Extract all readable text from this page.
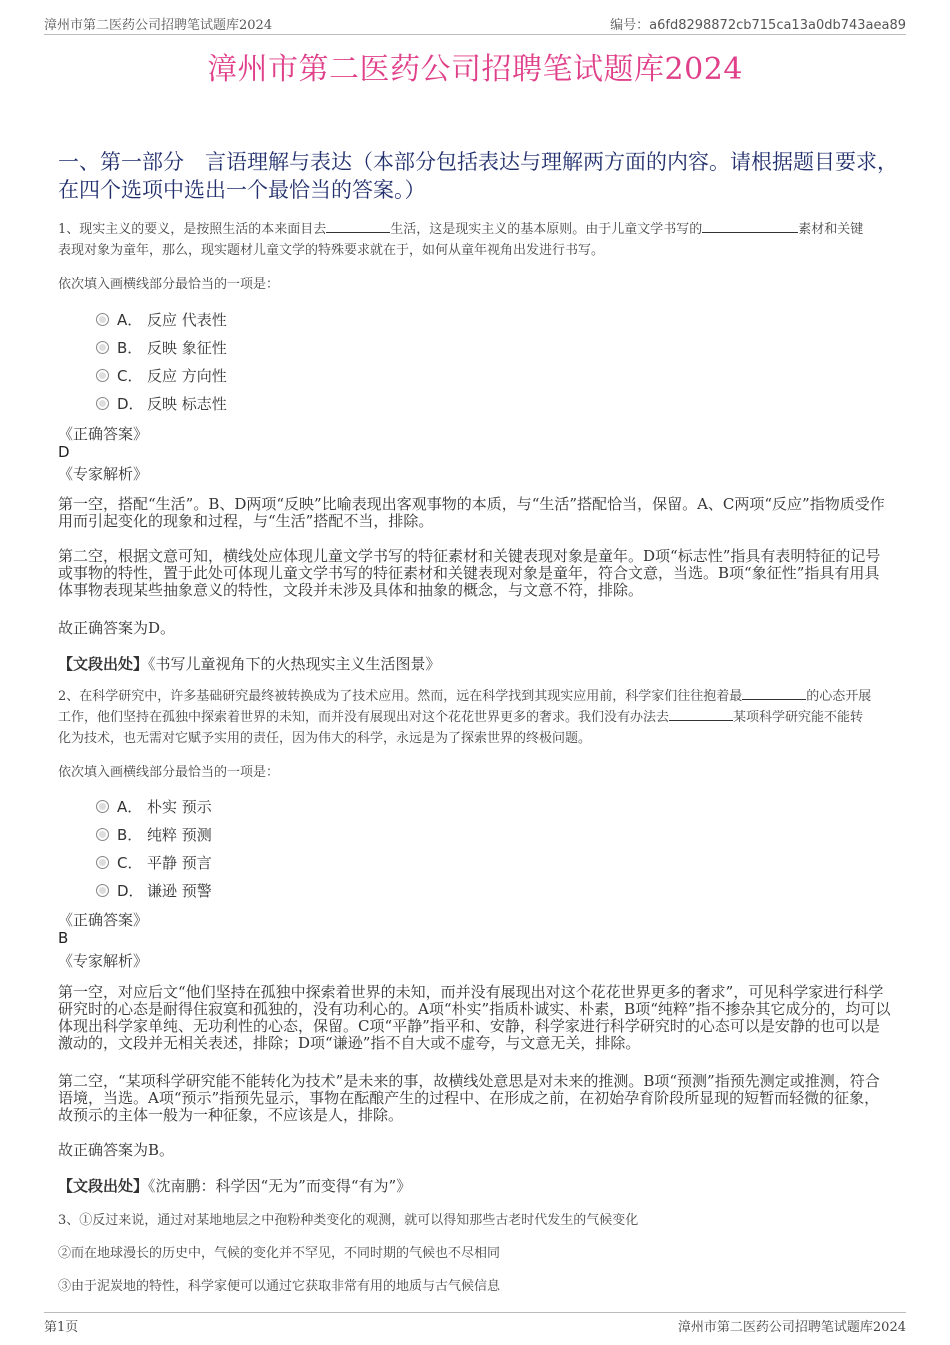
漳州市第二医药公司招聘笔试题库2024	编号：a6fd8298872cb715ca13a0db743aea89
漳州市第二医药公司招聘笔试题库2024
一、第一部分　言语理解与表达（本部分包括表达与理解两方面的内容。请根据题目要求，在四个选项中选出一个最恰当的答案。）
1、现实主义的要义，是按照生活的本来面目去	生活，这是现实主义的基本原则。由于儿童文学书写的	素材和关键
表现对象为童年，那么，现实题材儿童文学的特殊要求就在于，如何从童年视角出发进行书写。
依次填入画横线部分最恰当的一项是：
A． 反应 代表性
B． 反映 象征性
C． 反应 方向性
D． 反映 标志性
《正确答案》
D
《专家解析》
第一空，搭配“生活”。B、D两项“反映”比喻表现出客观事物的本质，与“生活”搭配恰当，保留。A、C两项“反应”指物质受作用而引起变化的现象和过程，与“生活”搭配不当，排除。
第二空，根据文意可知，横线处应体现儿童文学书写的特征素材和关键表现对象是童年。D项“标志性”指具有表明特征的记号或事物的特性，置于此处可体现儿童文学书写的特征素材和关键表现对象是童年，符合文意，当选。B项“象征性”指具有用具体事物表现某些抽象意义的特性，文段并未涉及具体和抽象的概念，与文意不符，排除。
故正确答案为D。
【文段出处】《书写儿童视角下的火热现实主义生活图景》
2、在科学研究中，许多基础研究最终被转换成为了技术应用。然而，远在科学找到其现实应用前，科学家们往往抱着最	的心态开展
工作，他们坚持在孤独中探索着世界的未知，而并没有展现出对这个花花世界更多的奢求。我们没有办法去	某项科学研究能不能转
化为技术，也无需对它赋予实用的责任，因为伟大的科学，永远是为了探索世界的终极问题。
依次填入画横线部分最恰当的一项是：
A． 朴实 预示
B． 纯粹 预测
C． 平静 预言
D． 谦逊 预警
《正确答案》
B
《专家解析》
第一空，对应后文“他们坚持在孤独中探索着世界的未知，而并没有展现出对这个花花世界更多的奢求”，可见科学家进行科学研究时的心态是耐得住寂寞和孤独的，没有功利心的。A项“朴实”指质朴诚实、朴素，B项“纯粹”指不掺杂其它成分的，均可以体现出科学家单纯、无功利性的心态，保留。C项“平静”指平和、安静，科学家进行科学研究时的心态可以是安静的也可以是激动的，文段并无相关表述，排除；D项“谦逊”指不自大或不虚夸，与文意无关，排除。
第二空，“某项科学研究能不能转化为技术”是未来的事，故横线处意思是对未来的推测。B项“预测”指预先测定或推测，符合语境，当选。A项“预示”指预先显示，事物在酝酿产生的过程中、在形成之前，在初始孕育阶段所显现的短暂而轻微的征象，故预示的主体一般为一种征象，不应该是人，排除。
故正确答案为B。
【文段出处】《沈南鹏：科学因“无为”而变得“有为”》
3、①反过来说，通过对某地地层之中孢粉种类变化的观测，就可以得知那些古老时代发生的气候变化
②而在地球漫长的历史中，气候的变化并不罕见，不同时期的气候也不尽相同
③由于泥炭地的特性，科学家便可以通过它获取非常有用的地质与古气候信息
第1页	漳州市第二医药公司招聘笔试题库2024
